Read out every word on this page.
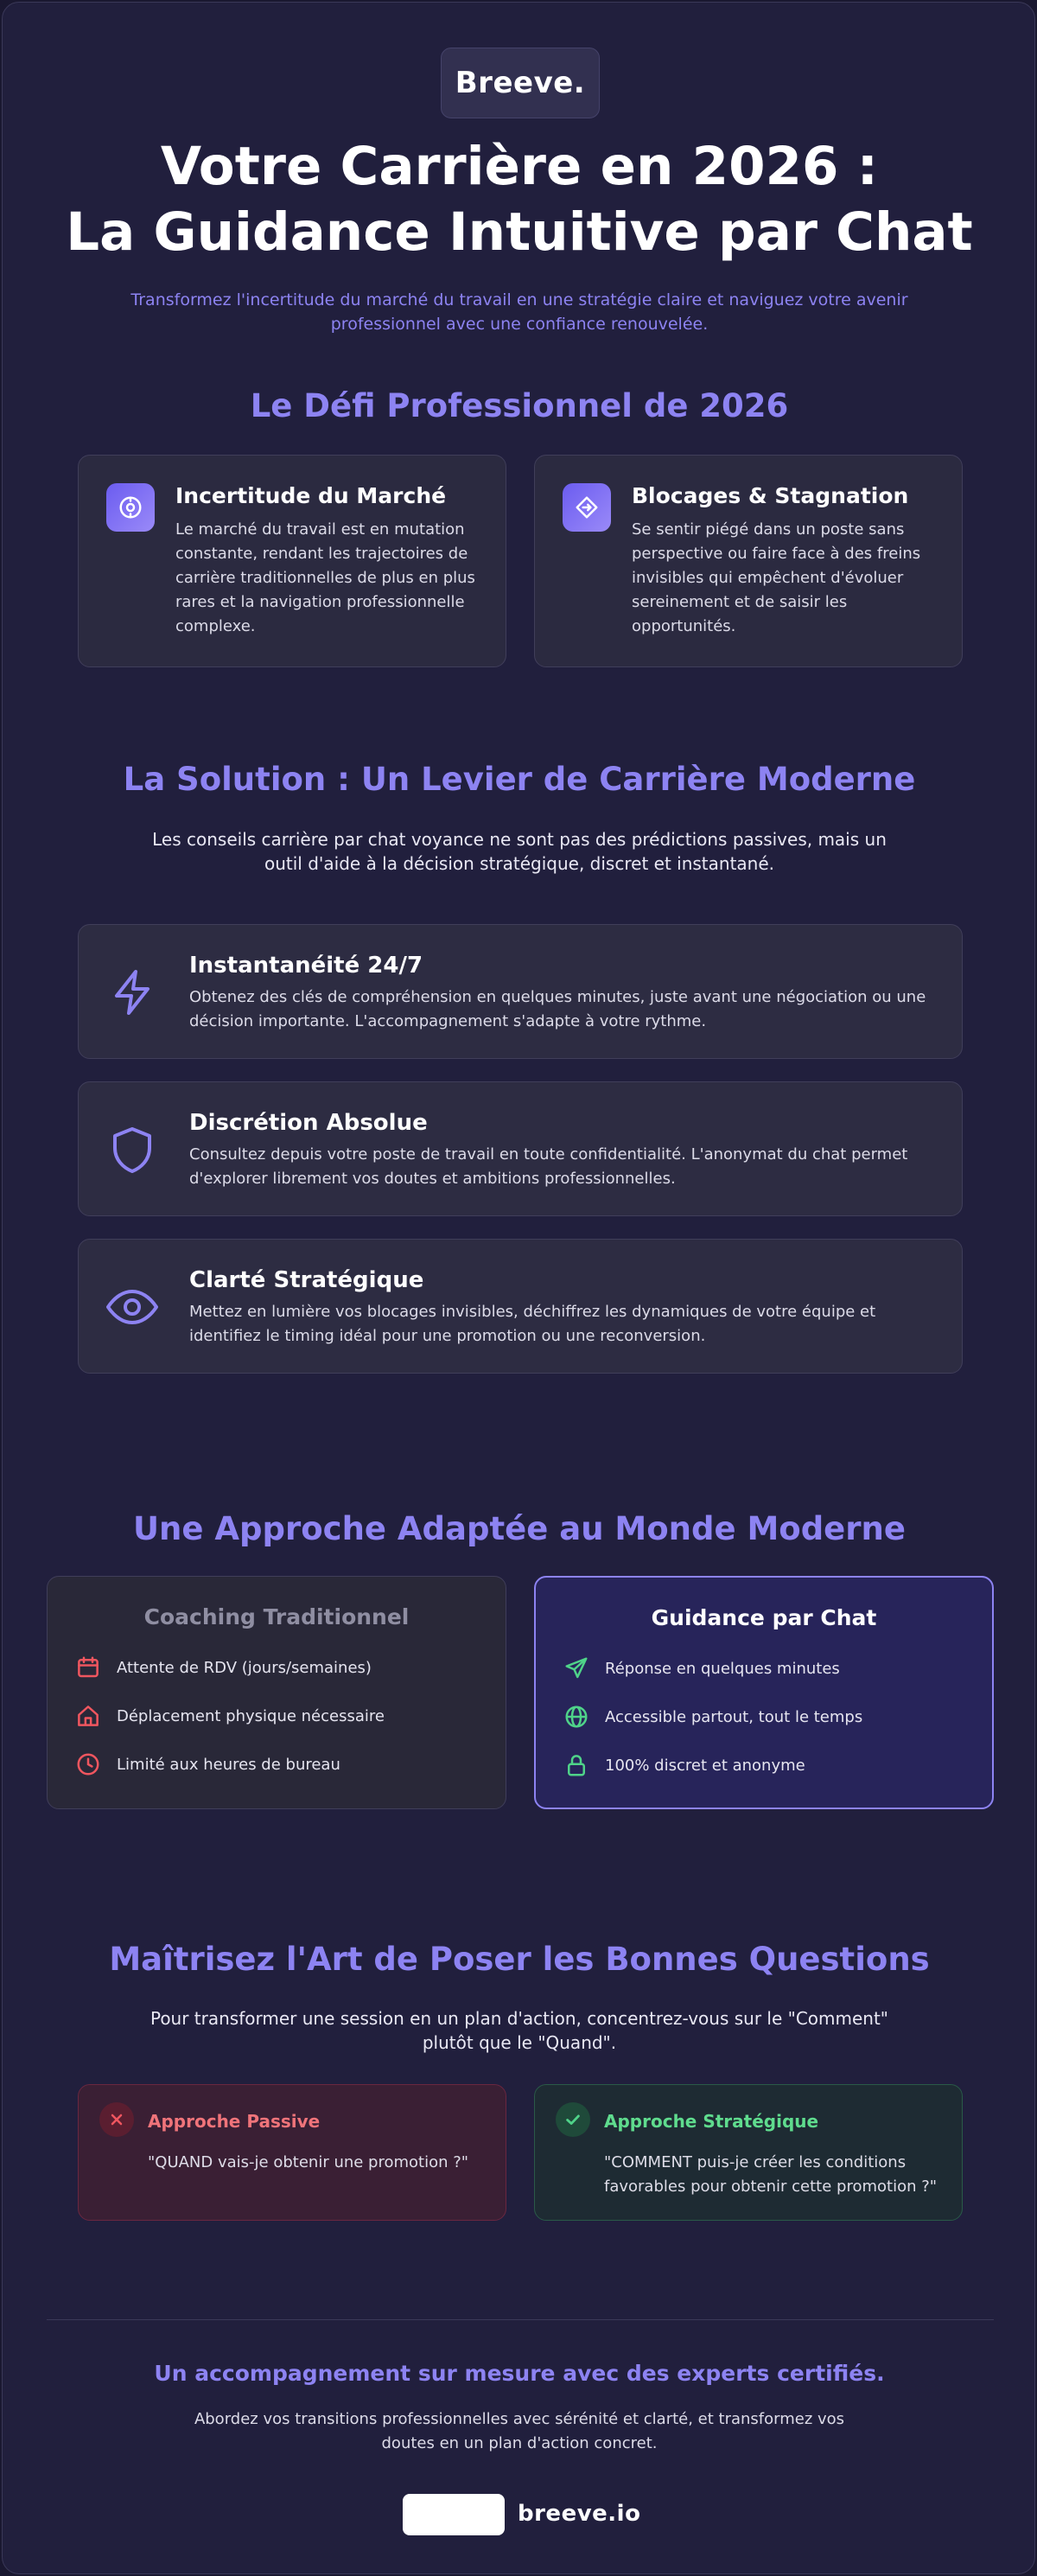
Breeve.
Votre Carrière en 2026 :
La Guidance Intuitive par Chat
Transformez l'incertitude du marché du travail en une stratégie claire et naviguez votre avenir professionnel avec une confiance renouvelée.
Le Défi Professionnel de 2026
Incertitude du Marché
Le marché du travail est en mutation constante, rendant les trajectoires de carrière traditionnelles de plus en plus rares et la navigation professionnelle complexe.
Blocages & Stagnation
Se sentir piégé dans un poste sans perspective ou faire face à des freins invisibles qui empêchent d'évoluer sereinement et de saisir les opportunités.
La Solution : Un Levier de Carrière Moderne
Les conseils carrière par chat voyance ne sont pas des prédictions passives, mais un outil d'aide à la décision stratégique, discret et instantané.
Instantanéité 24/7
Obtenez des clés de compréhension en quelques minutes, juste avant une négociation ou une décision importante. L'accompagnement s'adapte à votre rythme.
Discrétion Absolue
Consultez depuis votre poste de travail en toute confidentialité. L'anonymat du chat permet d'explorer librement vos doutes et ambitions professionnelles.
Clarté Stratégique
Mettez en lumière vos blocages invisibles, déchiffrez les dynamiques de votre équipe et identifiez le timing idéal pour une promotion ou une reconversion.
Une Approche Adaptée au Monde Moderne
Coaching Traditionnel
Attente de RDV (jours/semaines)
Déplacement physique nécessaire
Limité aux heures de bureau
Guidance par Chat
Réponse en quelques minutes
Accessible partout, tout le temps
100% discret et anonyme
Maîtrisez l'Art de Poser les Bonnes Questions
Pour transformer une session en un plan d'action, concentrez-vous sur le "Comment" plutôt que le "Quand".
Approche Passive
"QUAND vais-je obtenir une promotion ?"
Approche Stratégique
"COMMENT puis-je créer les conditions favorables pour obtenir cette promotion ?"
Un accompagnement sur mesure avec des experts certifiés.
Abordez vos transitions professionnelles avec sérénité et clarté, et transformez vos doutes en un plan d'action concret.
breeve.io
